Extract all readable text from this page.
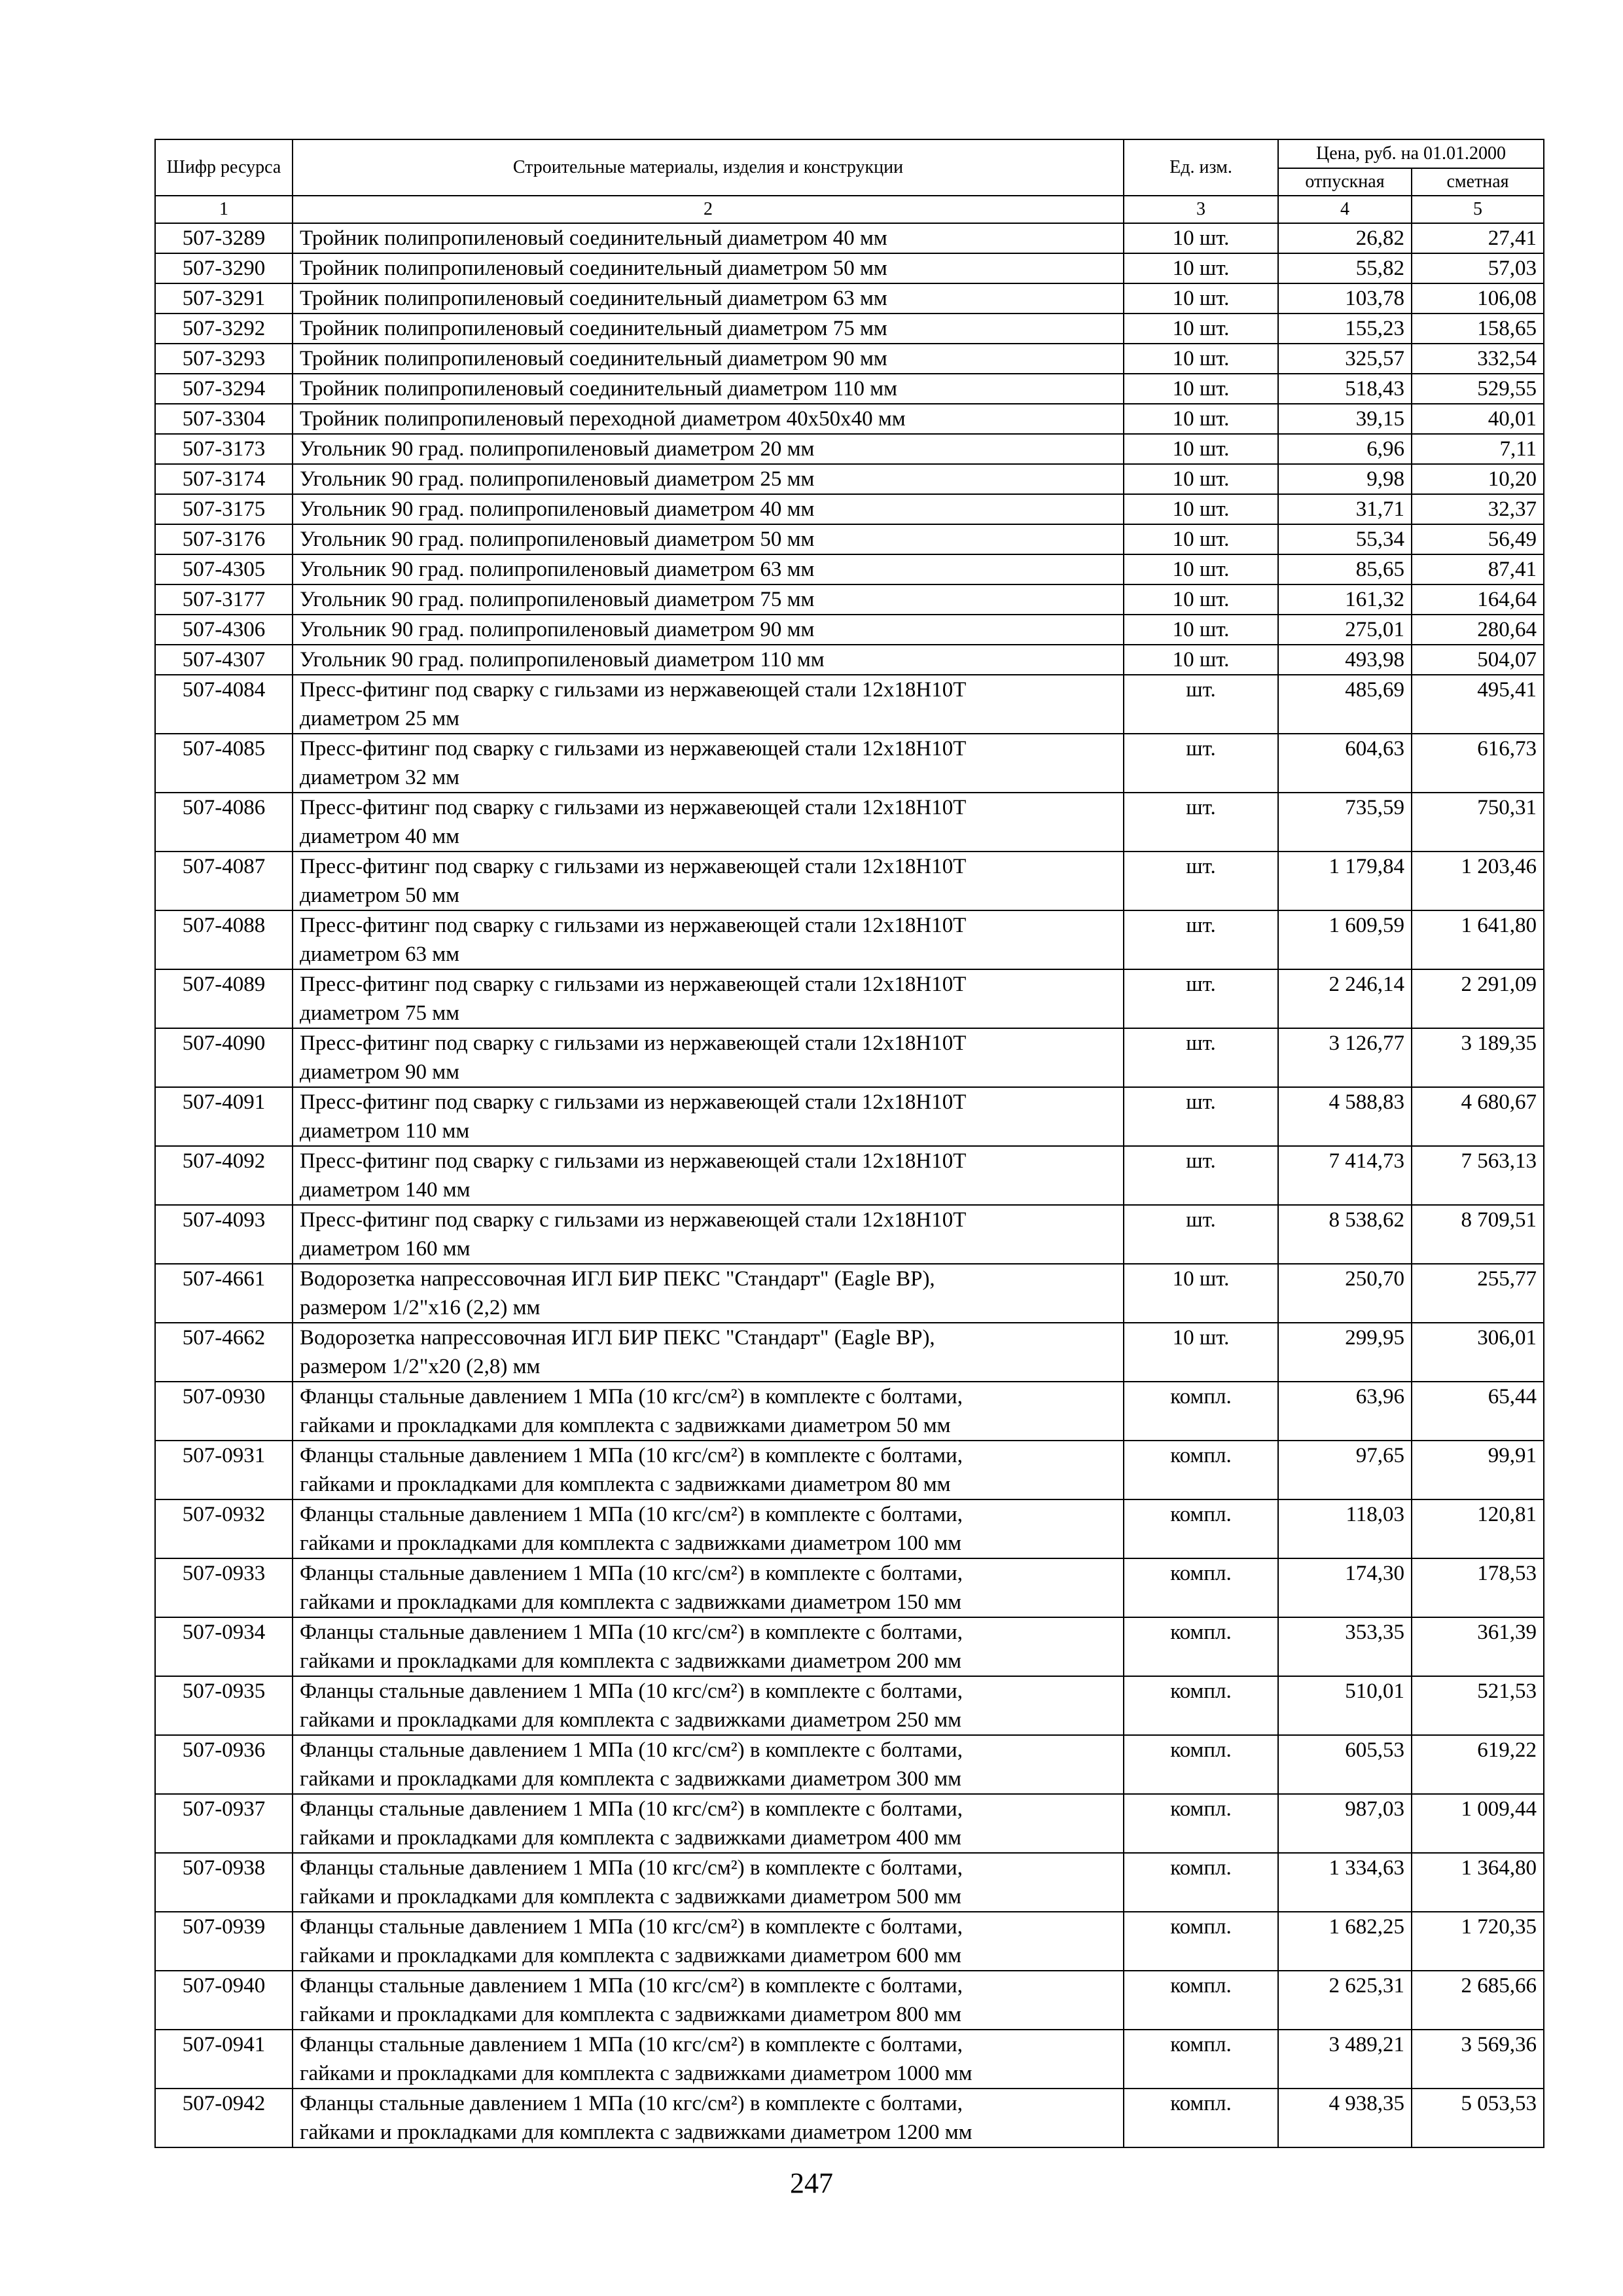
Шифр ресурса	Строительные материалы, изделия и конструкции	Ед. изм.	Цена, руб. на 01.01.2000	
			отпускная	сметная
1	2	3	4	5
507-3289	Тройник полипропиленовый соединительный диаметром 40 мм	10 шт.	26,82	27,41
507-3290	Тройник полипропиленовый соединительный диаметром 50 мм	10 шт.	55,82	57,03
507-3291	Тройник полипропиленовый соединительный диаметром 63 мм	10 шт.	103,78	106,08
507-3292	Тройник полипропиленовый соединительный диаметром 75 мм	10 шт.	155,23	158,65
507-3293	Тройник полипропиленовый соединительный диаметром 90 мм	10 шт.	325,57	332,54
507-3294	Тройник полипропиленовый соединительный диаметром 110 мм	10 шт.	518,43	529,55
507-3304	Тройник полипропиленовый переходной диаметром 40х50х40 мм	10 шт.	39,15	40,01
507-3173	Угольник 90 град. полипропиленовый диаметром 20 мм	10 шт.	6,96	7,11
507-3174	Угольник 90 град. полипропиленовый диаметром 25 мм	10 шт.	9,98	10,20
507-3175	Угольник 90 град. полипропиленовый диаметром 40 мм	10 шт.	31,71	32,37
507-3176	Угольник 90 град. полипропиленовый диаметром 50 мм	10 шт.	55,34	56,49
507-4305	Угольник 90 град. полипропиленовый диаметром 63 мм	10 шт.	85,65	87,41
507-3177	Угольник 90 град. полипропиленовый диаметром 75 мм	10 шт.	161,32	164,64
507-4306	Угольник 90 град. полипропиленовый диаметром 90 мм	10 шт.	275,01	280,64
507-4307	Угольник 90 град. полипропиленовый диаметром 110 мм	10 шт.	493,98	504,07
507-4084	Пресс-фитинг под сварку с гильзами из нержавеющей стали 12х18Н10Т
диаметром 25 мм	шт.	485,69	495,41
507-4085	Пресс-фитинг под сварку с гильзами из нержавеющей стали 12х18Н10Т
диаметром 32 мм	шт.	604,63	616,73
507-4086	Пресс-фитинг под сварку с гильзами из нержавеющей стали 12х18Н10Т
диаметром 40 мм	шт.	735,59	750,31
507-4087	Пресс-фитинг под сварку с гильзами из нержавеющей стали 12х18Н10Т
диаметром 50 мм	шт.	1 179,84	1 203,46
507-4088	Пресс-фитинг под сварку с гильзами из нержавеющей стали 12х18Н10Т
диаметром 63 мм	шт.	1 609,59	1 641,80
507-4089	Пресс-фитинг под сварку с гильзами из нержавеющей стали 12х18Н10Т
диаметром 75 мм	шт.	2 246,14	2 291,09
507-4090	Пресс-фитинг под сварку с гильзами из нержавеющей стали 12х18Н10Т
диаметром 90 мм	шт.	3 126,77	3 189,35
507-4091	Пресс-фитинг под сварку с гильзами из нержавеющей стали 12х18Н10Т
диаметром 110 мм	шт.	4 588,83	4 680,67
507-4092	Пресс-фитинг под сварку с гильзами из нержавеющей стали 12х18Н10Т
диаметром 140 мм	шт.	7 414,73	7 563,13
507-4093	Пресс-фитинг под сварку с гильзами из нержавеющей стали 12х18Н10Т
диаметром 160 мм	шт.	8 538,62	8 709,51
507-4661	Водорозетка напрессовочная ИГЛ БИР ПЕКС "Стандарт" (Eagle BP),
размером 1/2"х16 (2,2) мм	10 шт.	250,70	255,77
507-4662	Водорозетка напрессовочная ИГЛ БИР ПЕКС "Стандарт" (Eagle BP),
размером 1/2"х20 (2,8) мм	10 шт.	299,95	306,01
507-0930	Фланцы стальные давлением 1 МПа (10 кгс/см²) в комплекте с болтами,
гайками и прокладками для комплекта с задвижками диаметром 50 мм	компл.	63,96	65,44
507-0931	Фланцы стальные давлением 1 МПа (10 кгс/см²) в комплекте с болтами,
гайками и прокладками для комплекта с задвижками диаметром 80 мм	компл.	97,65	99,91
507-0932	Фланцы стальные давлением 1 МПа (10 кгс/см²) в комплекте с болтами,
гайками и прокладками для комплекта с задвижками диаметром 100 мм	компл.	118,03	120,81
507-0933	Фланцы стальные давлением 1 МПа (10 кгс/см²) в комплекте с болтами,
гайками и прокладками для комплекта с задвижками диаметром 150 мм	компл.	174,30	178,53
507-0934	Фланцы стальные давлением 1 МПа (10 кгс/см²) в комплекте с болтами,
гайками и прокладками для комплекта с задвижками диаметром 200 мм	компл.	353,35	361,39
507-0935	Фланцы стальные давлением 1 МПа (10 кгс/см²) в комплекте с болтами,
гайками и прокладками для комплекта с задвижками диаметром 250 мм	компл.	510,01	521,53
507-0936	Фланцы стальные давлением 1 МПа (10 кгс/см²) в комплекте с болтами,
гайками и прокладками для комплекта с задвижками диаметром 300 мм	компл.	605,53	619,22
507-0937	Фланцы стальные давлением 1 МПа (10 кгс/см²) в комплекте с болтами,
гайками и прокладками для комплекта с задвижками диаметром 400 мм	компл.	987,03	1 009,44
507-0938	Фланцы стальные давлением 1 МПа (10 кгс/см²) в комплекте с болтами,
гайками и прокладками для комплекта с задвижками диаметром 500 мм	компл.	1 334,63	1 364,80
507-0939	Фланцы стальные давлением 1 МПа (10 кгс/см²) в комплекте с болтами,
гайками и прокладками для комплекта с задвижками диаметром 600 мм	компл.	1 682,25	1 720,35
507-0940	Фланцы стальные давлением 1 МПа (10 кгс/см²) в комплекте с болтами,
гайками и прокладками для комплекта с задвижками диаметром 800 мм	компл.	2 625,31	2 685,66
507-0941	Фланцы стальные давлением 1 МПа (10 кгс/см²) в комплекте с болтами,
гайками и прокладками для комплекта с задвижками диаметром 1000 мм	компл.	3 489,21	3 569,36
507-0942	Фланцы стальные давлением 1 МПа (10 кгс/см²) в комплекте с болтами,
гайками и прокладками для комплекта с задвижками диаметром 1200 мм	компл.	4 938,35	5 053,53
247
